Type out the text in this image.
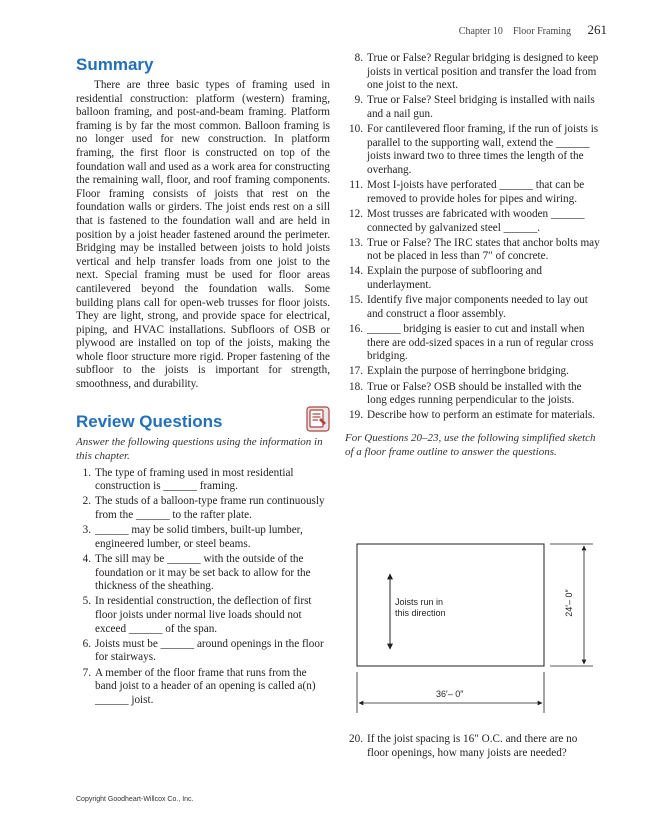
Chapter 10 Floor Framing 261
Summary

There are three basic types of framing used in residential construction: platform (western) framing, balloon framing, and post-and-beam framing. Platform framing is by far the most common. Balloon framing is no longer used for new construction. In platform framing, the first floor is constructed on top of the foundation wall and used as a work area for constructing the remaining wall, floor, and roof framing components. Floor framing consists of joists that rest on the foundation walls or girders. The joist ends rest on a sill that is fastened to the foundation wall and are held in position by a joist header fastened around the perimeter. Bridging may be installed between joists to hold joists vertical and help transfer loads from one joist to the next. Special framing must be used for floor areas cantilevered beyond the foundation walls. Some building plans call for open-web trusses for floor joists. They are light, strong, and provide space for electrical, piping, and HVAC installations. Subfloors of OSB or plywood are installed on top of the joists, making the whole floor structure more rigid. Proper fastening of the subfloor to the joists is important for strength, smoothness, and durability.

Review Questions

Answer the following questions using the information in this chapter.

1. The type of framing used in most residential construction is ______ framing.
2. The studs of a balloon-type frame run continuously from the ______ to the rafter plate.
3. ______ may be solid timbers, built-up lumber, engineered lumber, or steel beams.
4. The sill may be ______ with the outside of the foundation or it may be set back to allow for the thickness of the sheathing.
5. In residential construction, the deflection of first floor joists under normal live loads should not exceed ______ of the span.
6. Joists must be ______ around openings in the floor for stairways.
7. A member of the floor frame that runs from the band joist to a header of an opening is called a(n) ______ joist.
8. True or False? Regular bridging is designed to keep joists in vertical position and transfer the load from one joist to the next.
9. True or False? Steel bridging is installed with nails and a nail gun.
10. For cantilevered floor framing, if the run of joists is parallel to the supporting wall, extend the ______ joists inward two to three times the length of the overhang.
11. Most I-joists have perforated ______ that can be removed to provide holes for pipes and wiring.
12. Most trusses are fabricated with wooden ______ connected by galvanized steel ______.
13. True or False? The IRC states that anchor bolts may not be placed in less than 7″ of concrete.
14. Explain the purpose of subflooring and underlayment.
15. Identify five major components needed to lay out and construct a floor assembly.
16. ______ bridging is easier to cut and install when there are odd-sized spaces in a run of regular cross bridging.
17. Explain the purpose of herringbone bridging.
18. True or False? OSB should be installed with the long edges running perpendicular to the joists.
19. Describe how to perform an estimate for materials.

For Questions 20–23, use the following simplified sketch of a floor frame outline to answer the questions.

Joists run in
this direction
36′– 0″
24′– 0″
20. If the joist spacing is 16″ O.C. and there are no floor openings, how many joists are needed?
Copyright Goodheart-Willcox Co., Inc.
